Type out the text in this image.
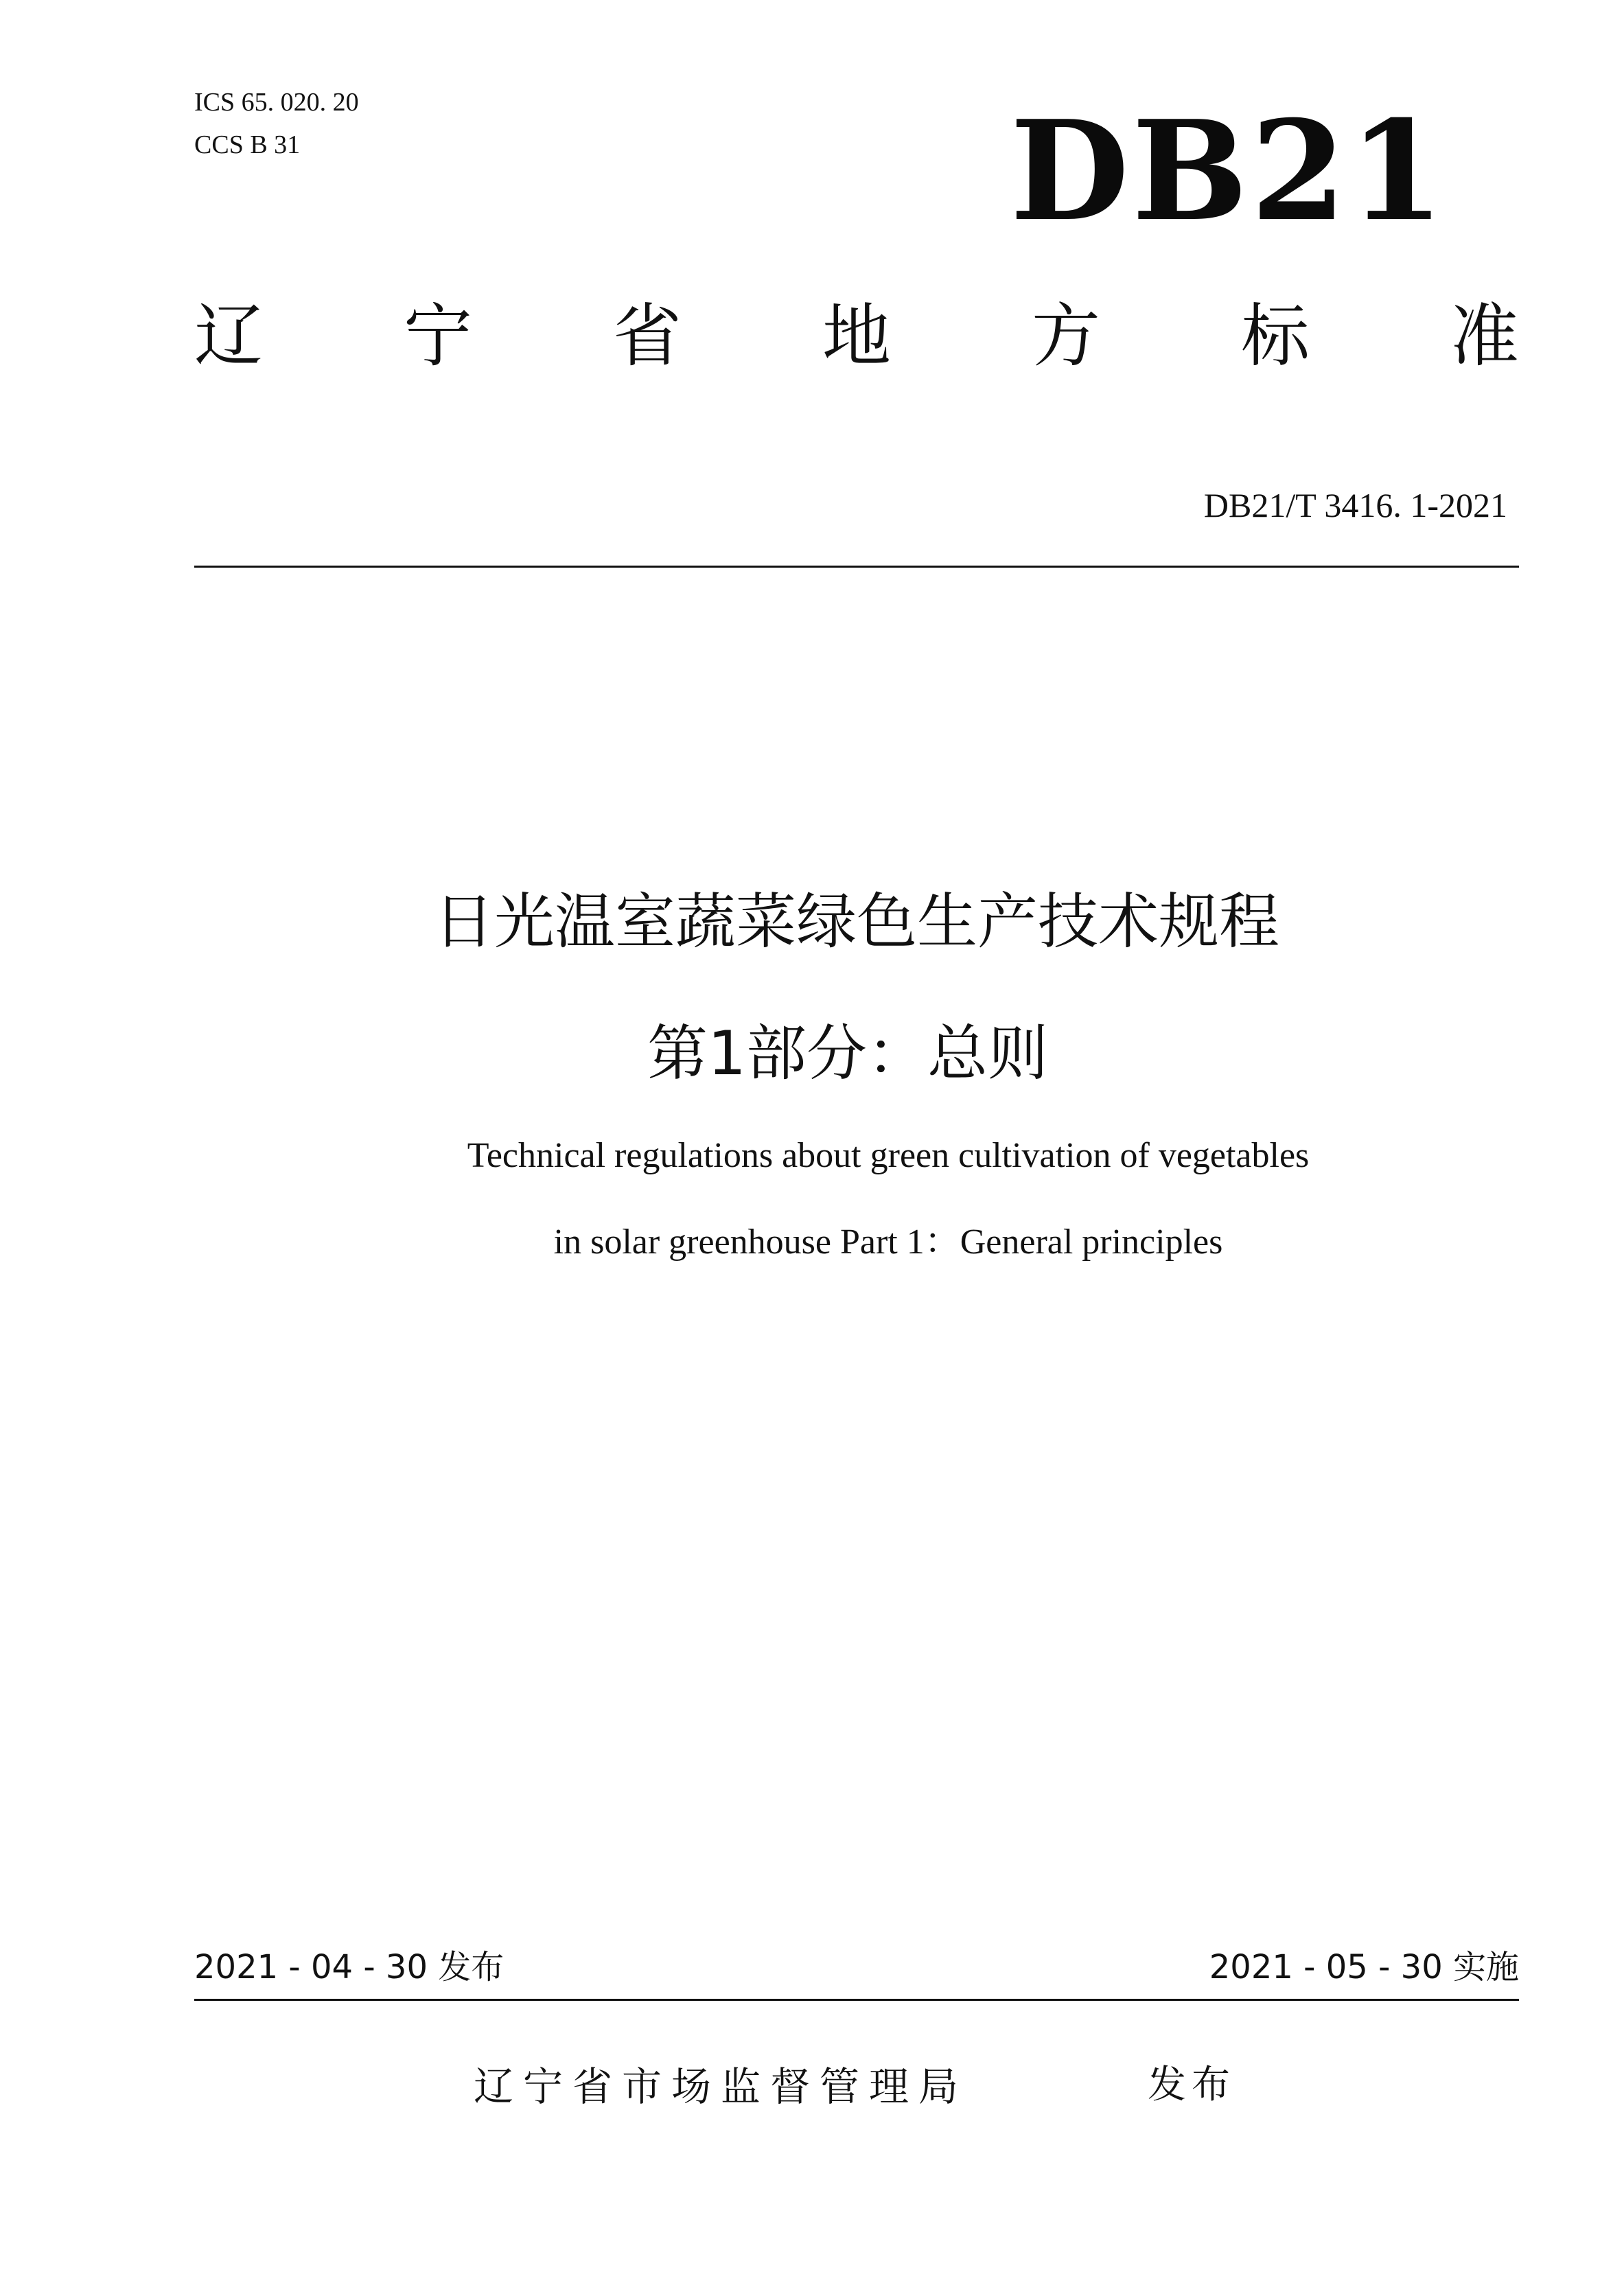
ICS 65. 020. 20
CCS B 31	DB21
辽 宁 省 地 方 标 准
DB21/T 3416. 1-2021
日光温室蔬菜绿色生产技术规程
第1部分：总则
Technical regulations about green cultivation of vegetables
in solar greenhouse Part 1：General principles
2021 - 04 - 30 发布	2021 - 05 - 30 实施
辽宁省市场监督管理局	发布
